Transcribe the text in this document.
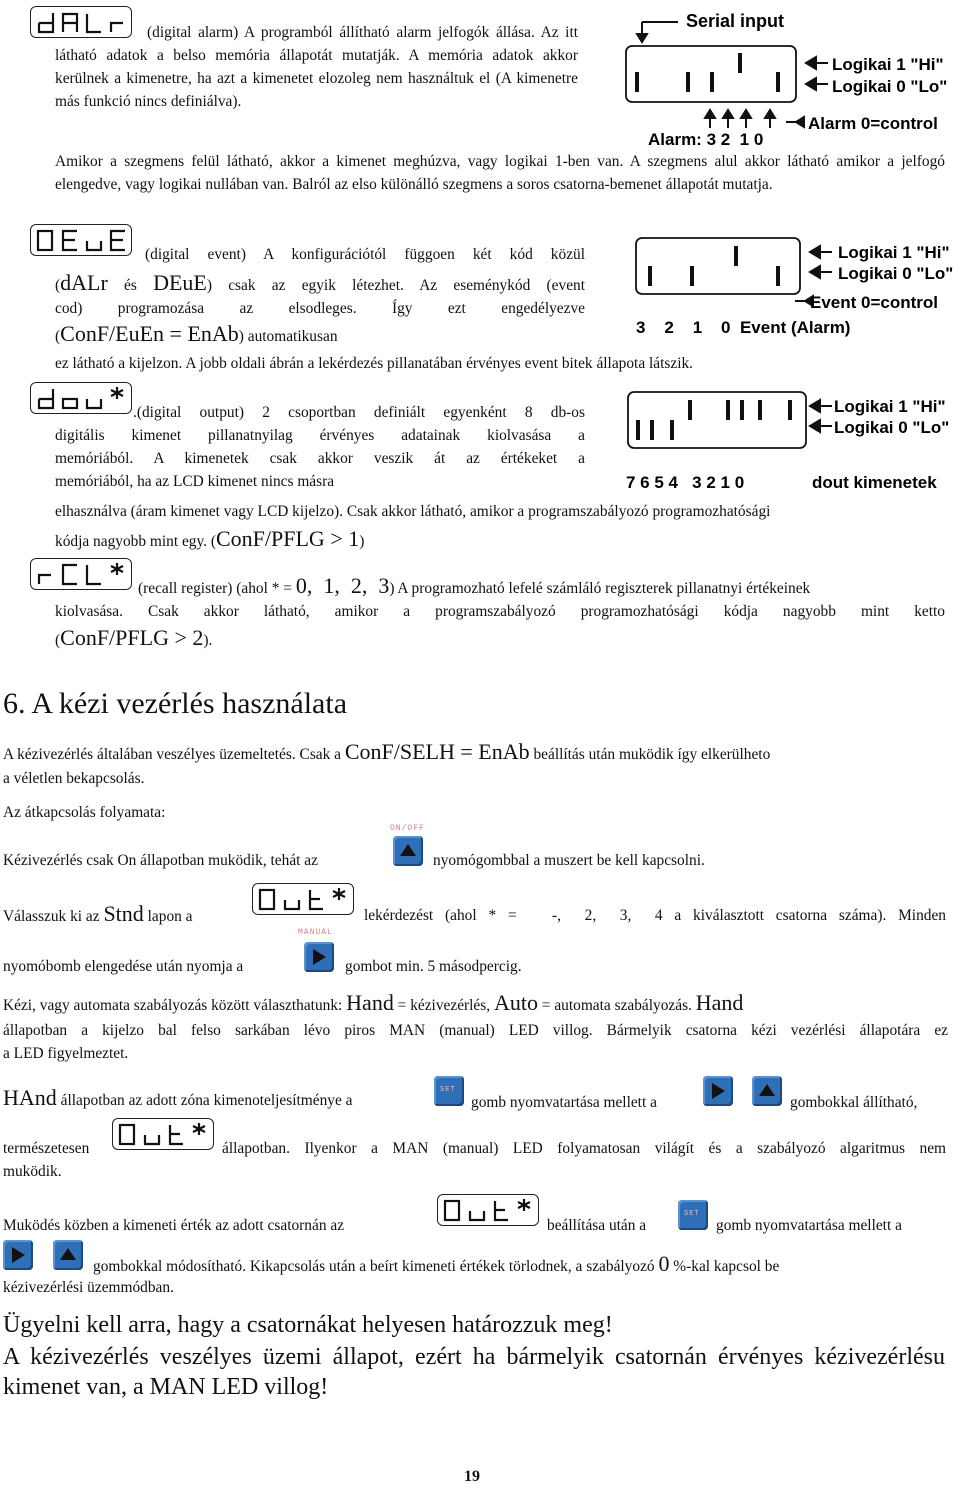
(digital alarm) A programból állítható alarm jelfogók állása. Az itt látható adatok a belso memória állapotát mutatják. A memória adatok akkor kerülnek a kimenetre, ha azt a kimenetet elozoleg nem használtuk el (A kimenetre más funkció nincs definiálva).
Serial input
Logikai 1 "Hi"
Logikai 0 "Lo"
Alarm 0=control
Alarm: 3 2  1 0
Amikor a szegmens felül látható, akkor a kimenet meghúzva, vagy logikai 1-ben van. A szegmens alul akkor látható amikor a jelfogó elengedve, vagy logikai nullában van. Balról az elso különálló szegmens a soros csatorna-bemenet állapotát mutatja.
(digital event) A konfigurációtól függoen két kód közül
(dALr és DEuE) csak az egyik létezhet. Az eseménykód (event
cod) programozása az elsodleges. Így ezt engedélyezve
(ConF/EuEn = EnAb) automatikusan
ez látható a kijelzon. A jobb oldali ábrán a lekérdezés pillanatában érvényes event bitek állapota látszik.
Logikai 1 "Hi"
Logikai 0 "Lo"
Event 0=control
3    2    1    0  Event (Alarm)
.(digital output) 2 csoportban definiált egyenként 8 db-os
digitális kimenet pillanatnyilag érvényes adatainak kiolvasása a
memóriából. A kimenetek csak akkor veszik át az értékeket a
memóriából, ha az LCD kimenet nincs másra
elhasználva (áram kimenet vagy LCD kijelzo). Csak akkor látható, amikor a programszabályozó programozhatósági
kódja nagyobb mint egy. (ConF/PFLG > 1)
Logikai 1 "Hi"
Logikai 0 "Lo"
7 6 5 4   3 2 1 0	dout kimenetek
(recall register) (ahol * = 0,  1,  2,  3) A programozható lefelé számláló regiszterek pillanatnyi értékeinek
kiolvasása. Csak akkor látható, amikor a programszabályozó programozhatósági kódja nagyobb mint ketto
(ConF/PFLG > 2).
6. A kézi vezérlés használata
A kézivezérlés általában veszélyes üzemeltetés. Csak a ConF/SELH = EnAb beállítás után muködik így elkerülheto
a véletlen bekapcsolás.
Az átkapcsolás folyamata:
ON/OFF
Kézivezérlés csak On állapotban muködik, tehát az	nyomógombbal a muszert be kell kapcsolni.
Válasszuk ki az Stnd lapon a
MANUAL
lekérdezést (ahol * =   -,  2,  3,  4 a kiválasztott csatorna száma). Minden
nyomóbomb elengedése után nyomja a	gombot min. 5 másodpercig.
Kézi, vagy automata szabályozás között választhatunk: Hand = kézivezérlés, Auto = automata szabályozás. Hand
állapotban a kijelzo bal felso sarkában lévo piros MAN (manual) LED villog. Bármelyik csatorna kézi vezérlési állapotára ez
a LED figyelmeztet.
HAnd állapotban az adott zóna kimenoteljesítménye a
SET
gomb nyomvatartása mellett a	gombokkal állítható,
természetesen	állapotban. Ilyenkor a MAN (manual) LED folyamatosan világít és a szabályozó algaritmus nem
muködik.
Muködés közben a kimeneti érték az adott csatornán az	beállítása után a
SET
gomb nyomvatartása mellett a
gombokkal módosítható. Kikapcsolás után a beírt kimeneti értékek törlodnek, a szabályozó 0 %-kal kapcsol be
kézivezérlési üzemmódban.
Ügyelni kell arra, hagy a csatornákat helyesen határozzuk meg!
A kézivezérlés veszélyes üzemi állapot, ezért ha bármelyik csatornán érvényes kézivezérlésu kimenet van, a MAN LED villog!
19
